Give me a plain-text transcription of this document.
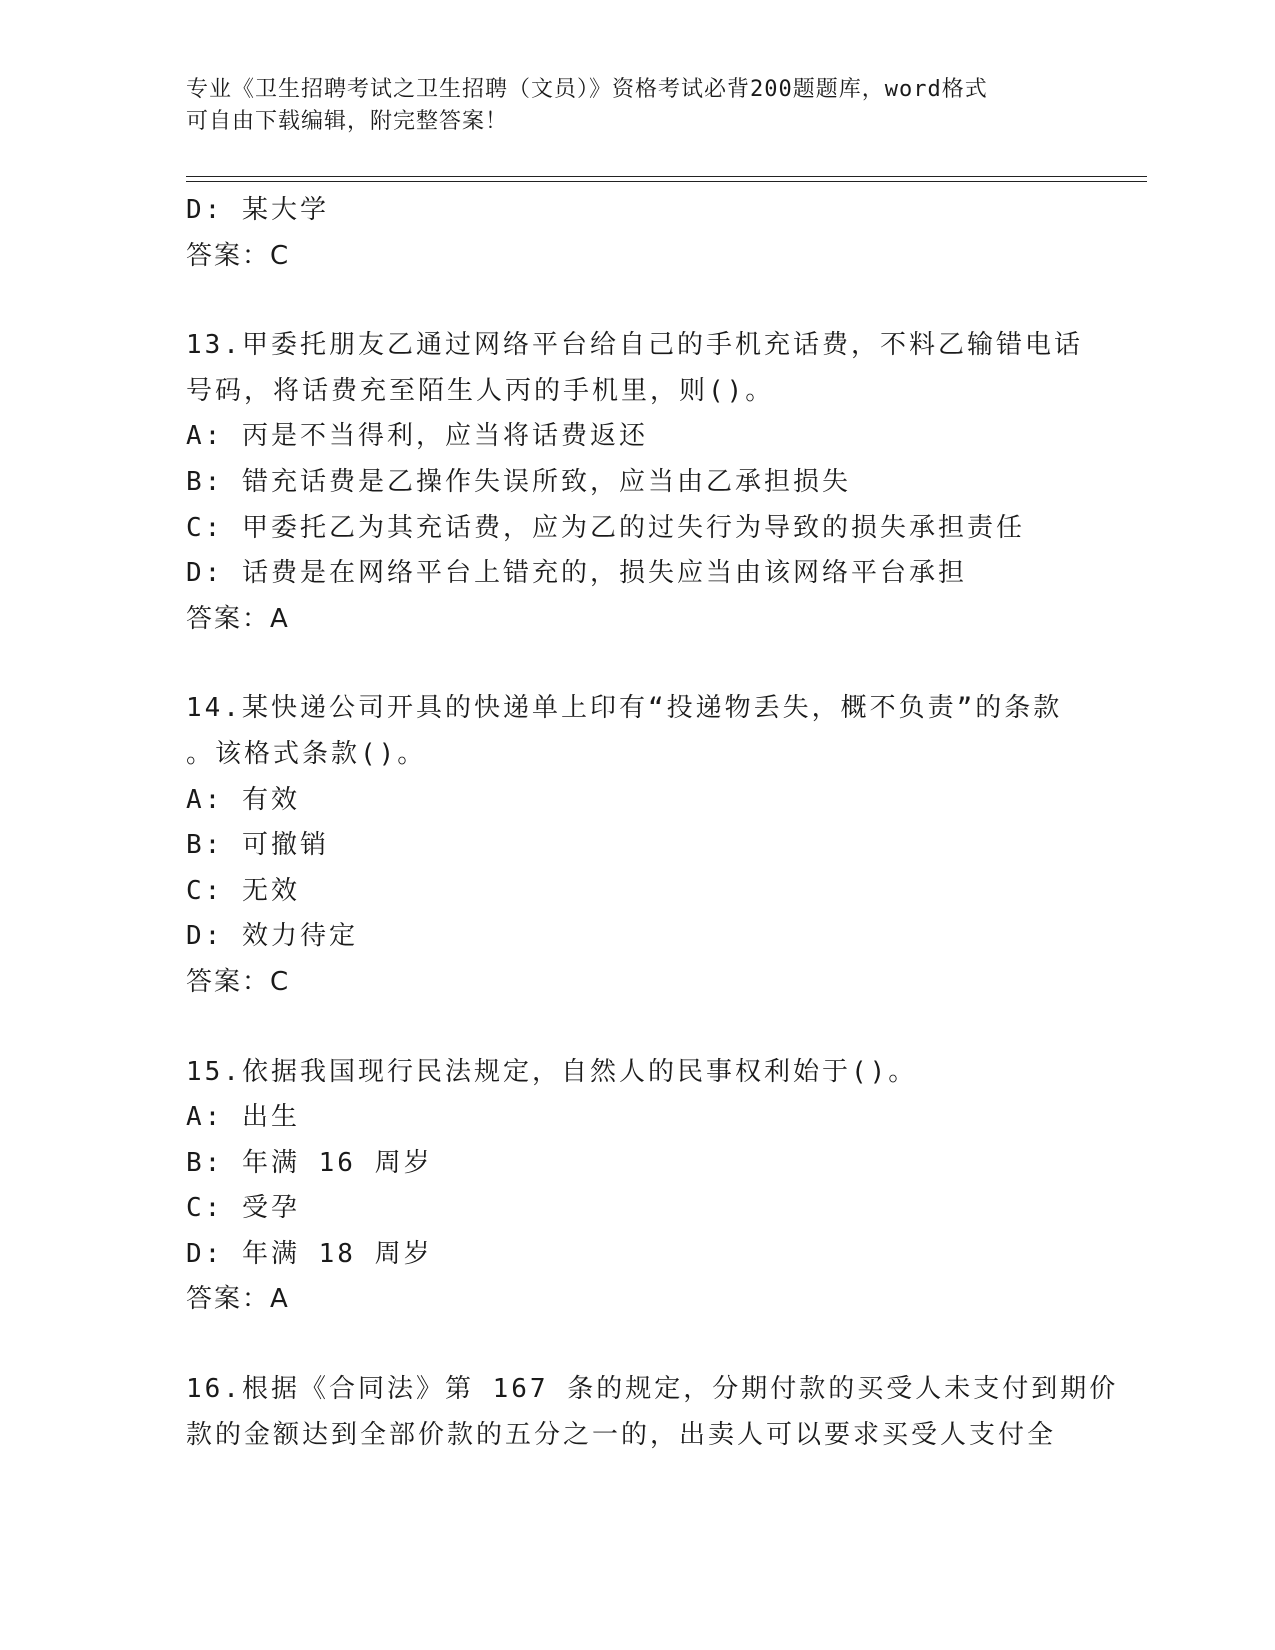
专业《卫生招聘考试之卫生招聘（文员）》资格考试必背200题题库，word格式
可自由下载编辑，附完整答案！
D: 某大学
答案：C
13.甲委托朋友乙通过网络平台给自己的手机充话费，不料乙输错电话
号码，将话费充至陌生人丙的手机里，则()。
A: 丙是不当得利，应当将话费返还
B: 错充话费是乙操作失误所致，应当由乙承担损失
C: 甲委托乙为其充话费，应为乙的过失行为导致的损失承担责任
D: 话费是在网络平台上错充的，损失应当由该网络平台承担
答案：A
14.某快递公司开具的快递单上印有“投递物丢失，概不负责”的条款
。该格式条款()。
A: 有效
B: 可撤销
C: 无效
D: 效力待定
答案：C
15.依据我国现行民法规定，自然人的民事权利始于()。
A: 出生
B: 年满 16 周岁
C: 受孕
D: 年满 18 周岁
答案：A
16.根据《合同法》第 167 条的规定，分期付款的买受人未支付到期价
款的金额达到全部价款的五分之一的，出卖人可以要求买受人支付全
